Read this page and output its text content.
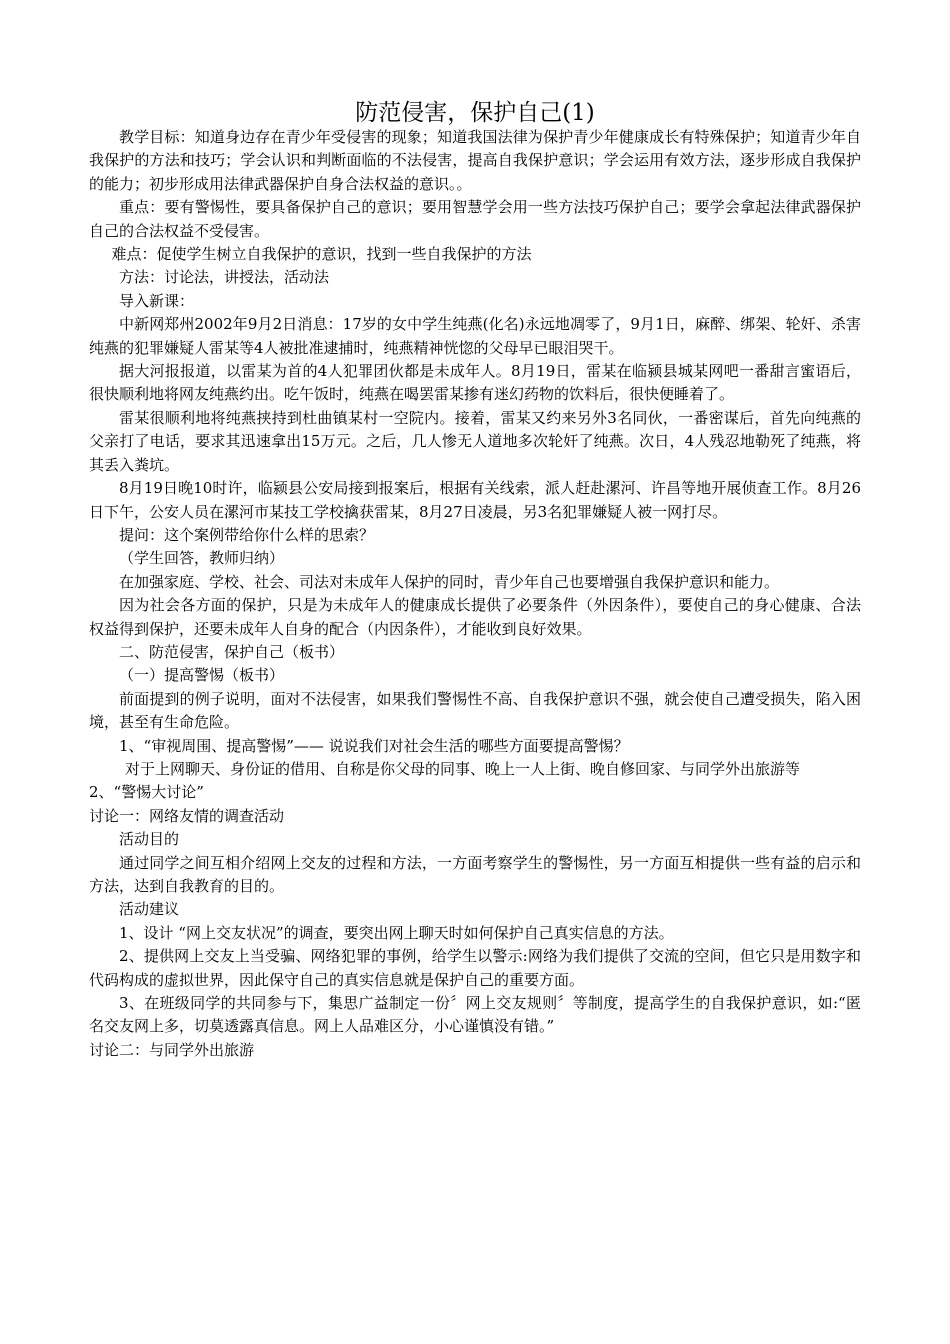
防范侵害，保护自己(1)

教学目标：知道身边存在青少年受侵害的现象；知道我国法律为保护青少年健康成长有特殊保护；知道青少年自我保护的方法和技巧；学会认识和判断面临的不法侵害，提高自我保护意识；学会运用有效方法，逐步形成自我保护的能力；初步形成用法律武器保护自身合法权益的意识。。

重点：要有警惕性，要具备保护自己的意识；要用智慧学会用一些方法技巧保护自己；要学会拿起法律武器保护自己的合法权益不受侵害。

难点：促使学生树立自我保护的意识，找到一些自我保护的方法

方法：讨论法，讲授法，活动法

导入新课：

中新网郑州2002年9月2日消息：17岁的女中学生纯燕(化名)永远地凋零了，9月1日，麻醉、绑架、轮奸、杀害纯燕的犯罪嫌疑人雷某等4人被批准逮捕时，纯燕精神恍惚的父母早已眼泪哭干。

据大河报报道，以雷某为首的4人犯罪团伙都是未成年人。8月19日，雷某在临颍县城某网吧一番甜言蜜语后，很快顺利地将网友纯燕约出。吃午饭时，纯燕在喝罢雷某掺有迷幻药物的饮料后，很快便睡着了。

雷某很顺利地将纯燕挟持到杜曲镇某村一空院内。接着，雷某又约来另外3名同伙，一番密谋后，首先向纯燕的父亲打了电话，要求其迅速拿出15万元。之后，几人惨无人道地多次轮奸了纯燕。次日，4人残忍地勒死了纯燕，将其丢入粪坑。

8月19日晚10时许，临颍县公安局接到报案后，根据有关线索，派人赶赴漯河、许昌等地开展侦查工作。8月26日下午，公安人员在漯河市某技工学校擒获雷某，8月27日凌晨，另3名犯罪嫌疑人被一网打尽。

提问：这个案例带给你什么样的思索？

（学生回答，教师归纳）

在加强家庭、学校、社会、司法对未成年人保护的同时，青少年自己也要增强自我保护意识和能力。

因为社会各方面的保护，只是为未成年人的健康成长提供了必要条件（外因条件），要使自己的身心健康、合法权益得到保护，还要未成年人自身的配合（内因条件），才能收到良好效果。

二、防范侵害，保护自己（板书）

（一）提高警惕（板书）

前面提到的例子说明，面对不法侵害，如果我们警惕性不高、自我保护意识不强，就会使自己遭受损失，陷入困境，甚至有生命危险。

1、“审视周围、提高警惕”—— 说说我们对社会生活的哪些方面要提高警惕？

对于上网聊天、身份证的借用、自称是你父母的同事、晚上一人上街、晚自修回家、与同学外出旅游等

2、“警惕大讨论”

讨论一：网络友情的调查活动

活动目的

通过同学之间互相介绍网上交友的过程和方法，一方面考察学生的警惕性，另一方面互相提供一些有益的启示和方法，达到自我教育的目的。

活动建议

1、设计 “网上交友状况”的调查，要突出网上聊天时如何保护自己真实信息的方法。

2、提供网上交友上当受骗、网络犯罪的事例，给学生以警示:网络为我们提供了交流的空间，但它只是用数字和代码构成的虚拟世界，因此保守自己的真实信息就是保护自己的重要方面。

3、在班级同学的共同参与下，集思广益制定一份〞网上交友规则〞等制度，提高学生的自我保护意识，如:“匿名交友网上多，切莫透露真信息。网上人品难区分，小心谨慎没有错。”

讨论二：与同学外出旅游
